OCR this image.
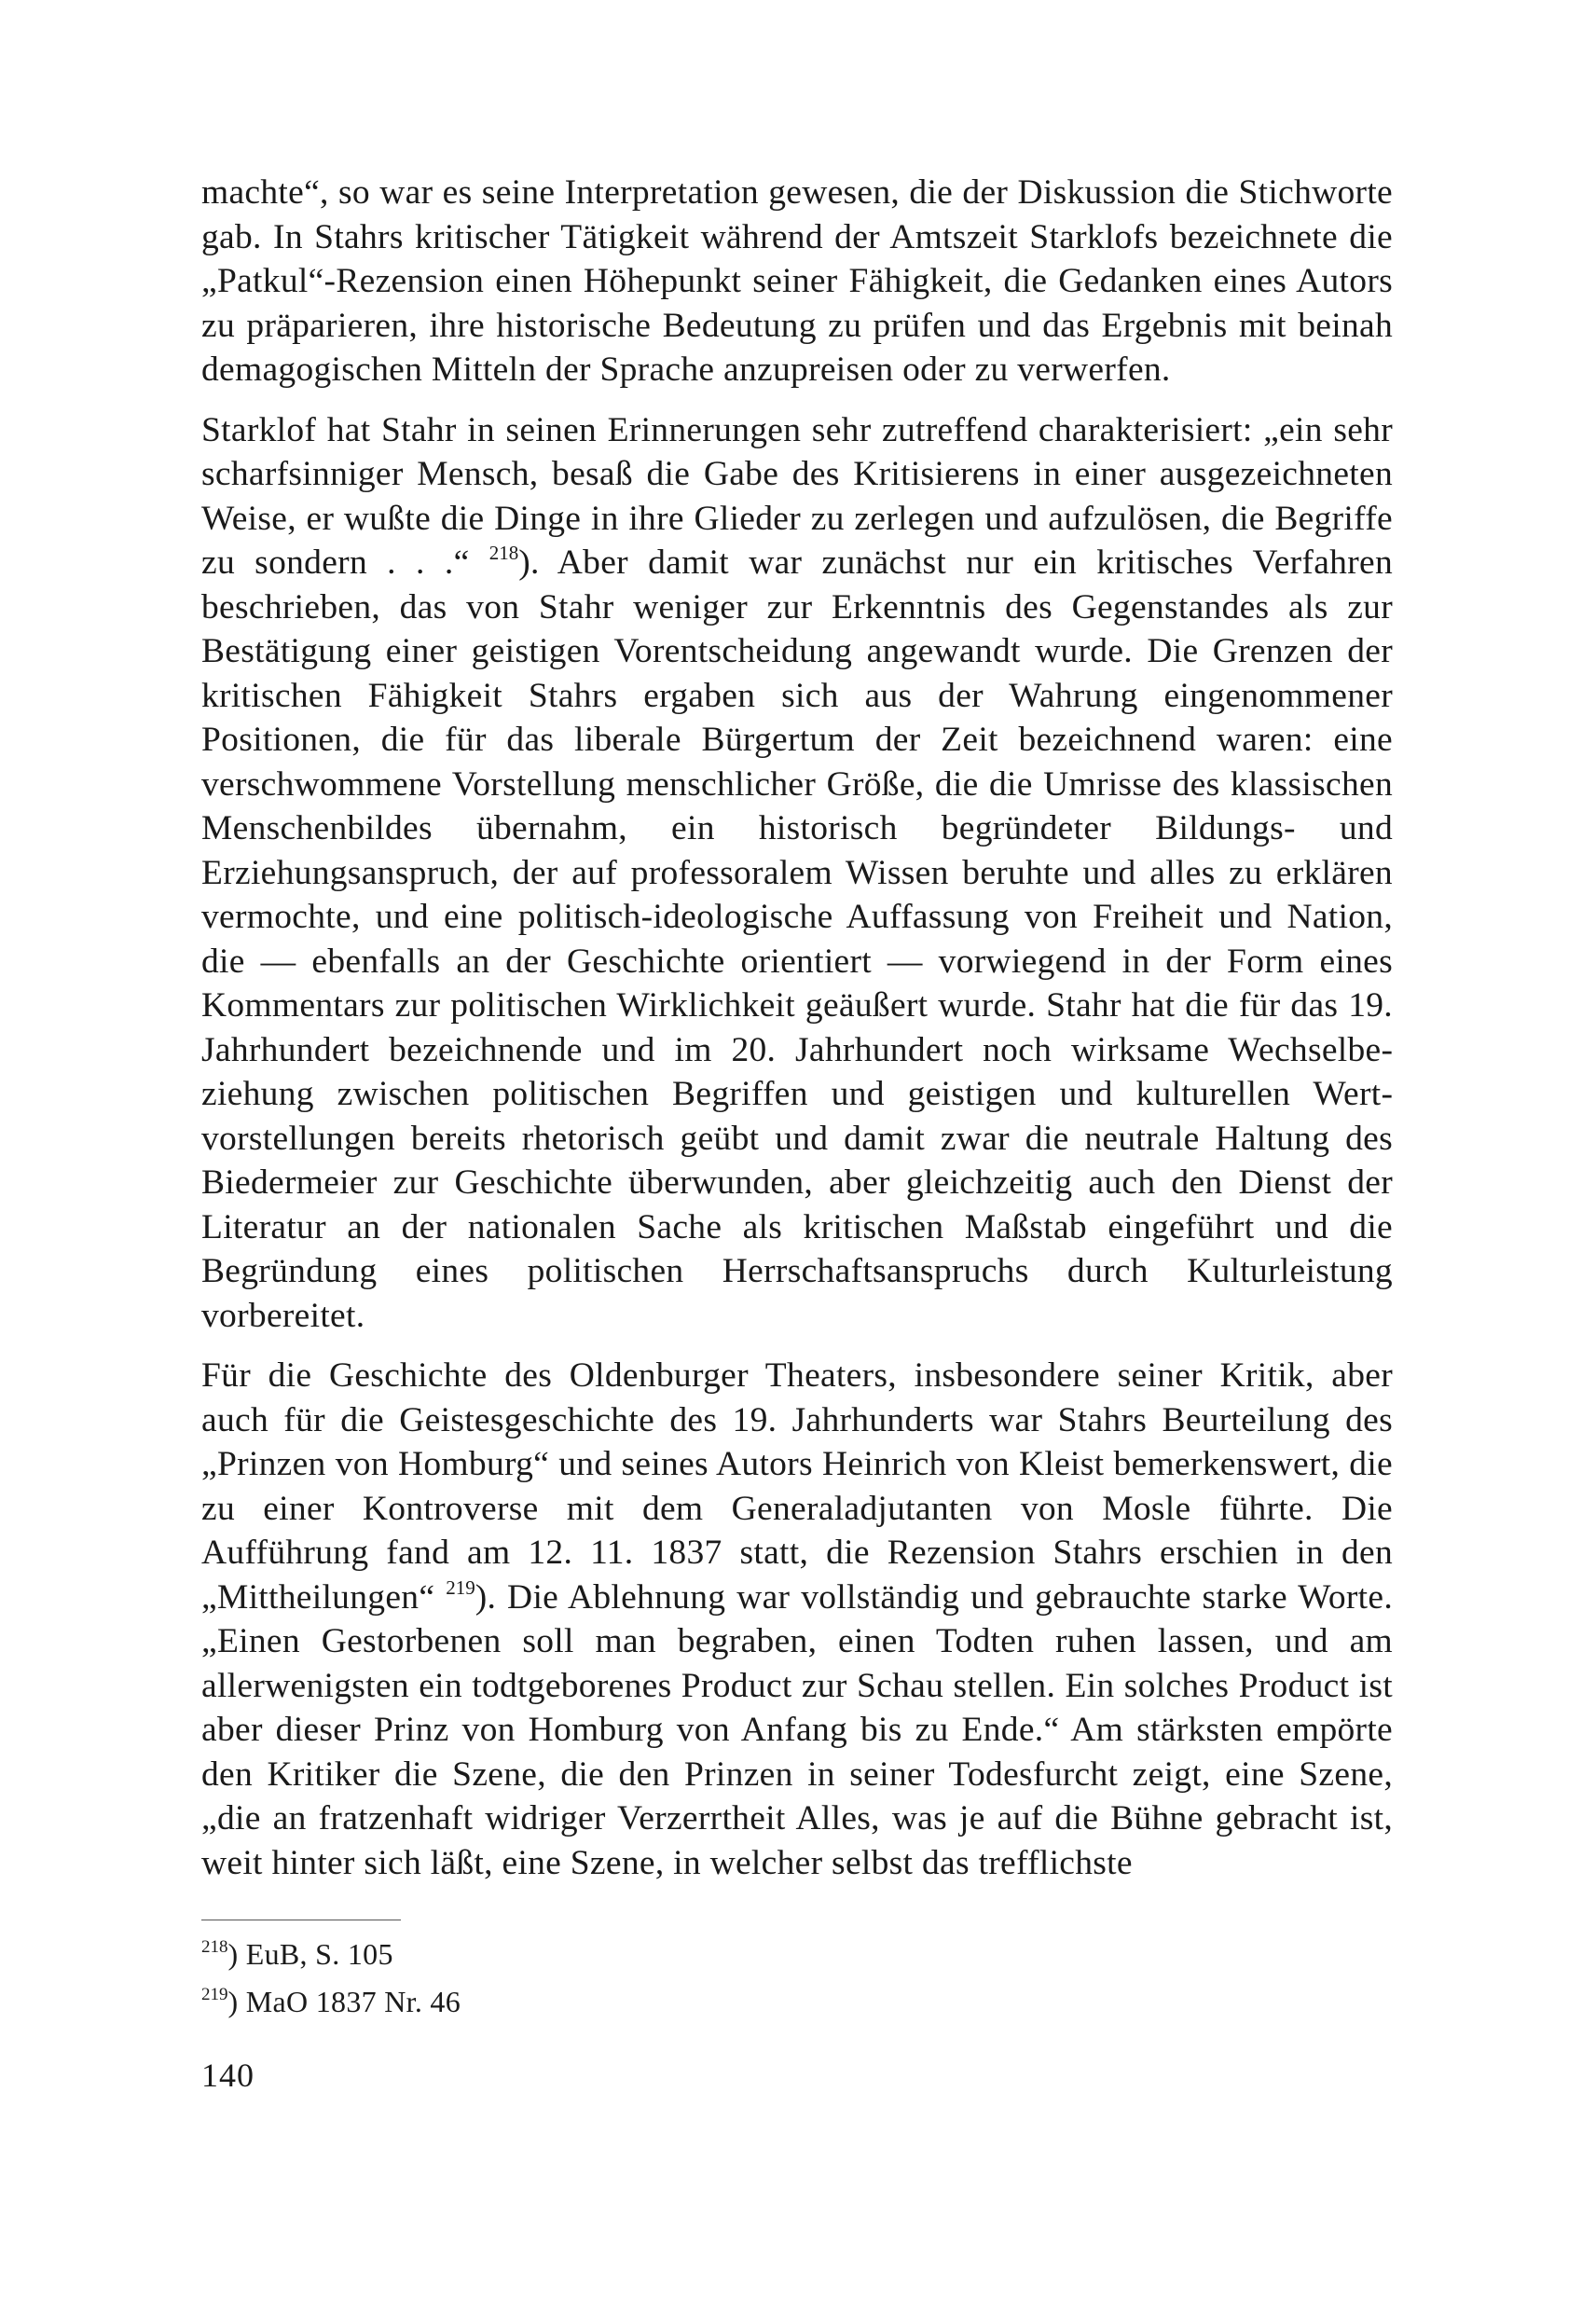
machte“, so war es seine Interpretation gewesen, die der Diskussion die Stichworte gab. In Stahrs kritischer Tätigkeit während der Amtszeit Starklofs bezeichnete die „Patkul“-Rezension einen Höhepunkt seiner Fähigkeit, die Gedanken eines Autors zu präparieren, ihre historische Bedeutung zu prüfen und das Ergebnis mit beinah demagogischen Mitteln der Sprache anzupreisen oder zu verwerfen.

Starklof hat Stahr in seinen Erinnerungen sehr zutreffend charakterisiert: „ein sehr scharfsinniger Mensch, besaß die Gabe des Kritisierens in einer ausgezeichneten Weise, er wußte die Dinge in ihre Glieder zu zerlegen und aufzulösen, die Begriffe zu sondern . . .“ $^{218}$). Aber damit war zunächst nur ein kritisches Verfahren beschrieben, das von Stahr weniger zur Erkenntnis des Gegenstandes als zur Bestätigung einer geistigen Vorentscheidung angewandt wurde. Die Grenzen der kritischen Fähigkeit Stahrs ergaben sich aus der Wahrung eingenommener Positionen, die für das liberale Bürgertum der Zeit bezeichnend waren: eine verschwommene Vorstellung menschlicher Größe, die die Umrisse des klassischen Menschenbildes übernahm, ein historisch begründeter Bildungs- und Erziehungsanspruch, der auf professoralem Wissen beruhte und alles zu erklären vermochte, und eine politisch-ideologische Auffassung von Freiheit und Nation, die — ebenfalls an der Geschichte orientiert — vorwiegend in der Form eines Kommentars zur politischen Wirklichkeit geäußert wurde. Stahr hat die für das 19. Jahrhundert bezeichnende und im 20. Jahrhundert noch wirksame Wechselbeziehung zwischen politischen Begriffen und geistigen und kulturellen Wertvorstellungen bereits rhetorisch geübt und damit zwar die neutrale Haltung des Biedermeier zur Geschichte überwunden, aber gleichzeitig auch den Dienst der Literatur an der nationalen Sache als kritischen Maßstab eingeführt und die Begründung eines politischen Herrschaftsanspruchs durch Kulturleistung vorbereitet.

Für die Geschichte des Oldenburger Theaters, insbesondere seiner Kritik, aber auch für die Geistesgeschichte des 19. Jahrhunderts war Stahrs Beurteilung des „Prinzen von Homburg“ und seines Autors Heinrich von Kleist bemerkenswert, die zu einer Kontroverse mit dem Generaladjutanten von Mosle führte. Die Aufführung fand am 12. 11. 1837 statt, die Rezension Stahrs erschien in den „Mittheilungen“ $^{219}$). Die Ablehnung war vollständig und gebrauchte starke Worte. „Einen Gestorbenen soll man begraben, einen Todten ruhen lassen, und am allerwenigsten ein todtgeborenes Product zur Schau stellen. Ein solches Product ist aber dieser Prinz von Homburg von Anfang bis zu Ende.“ Am stärksten empörte den Kritiker die Szene, die den Prinzen in seiner Todesfurcht zeigt, eine Szene, „die an fratzenhaft widriger Verzerrtheit Alles, was je auf die Bühne gebracht ist, weit hinter sich läßt, eine Szene, in welcher selbst das trefflichste

$^{218}$) EuB, S. 105

$^{219}$) MaO 1837 Nr. 46

140
